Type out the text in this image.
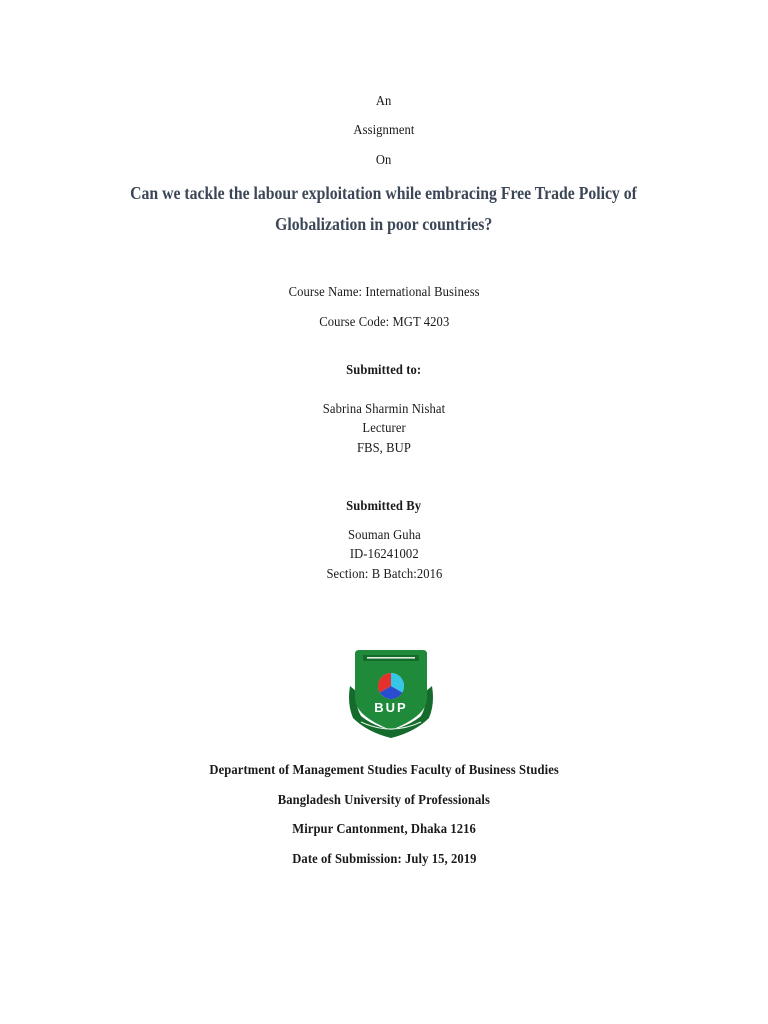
An
Assignment
On
Can we tackle the labour exploitation while embracing Free Trade Policy of
Globalization in poor countries?
Course Name: International Business
Course Code: MGT 4203
Submitted to:
Sabrina Sharmin Nishat
Lecturer
FBS, BUP
Submitted By
Souman Guha
ID-16241002
Section: B Batch:2016
BUP
Department of Management Studies Faculty of Business Studies
Bangladesh University of Professionals
Mirpur Cantonment, Dhaka 1216
Date of Submission: July 15, 2019
